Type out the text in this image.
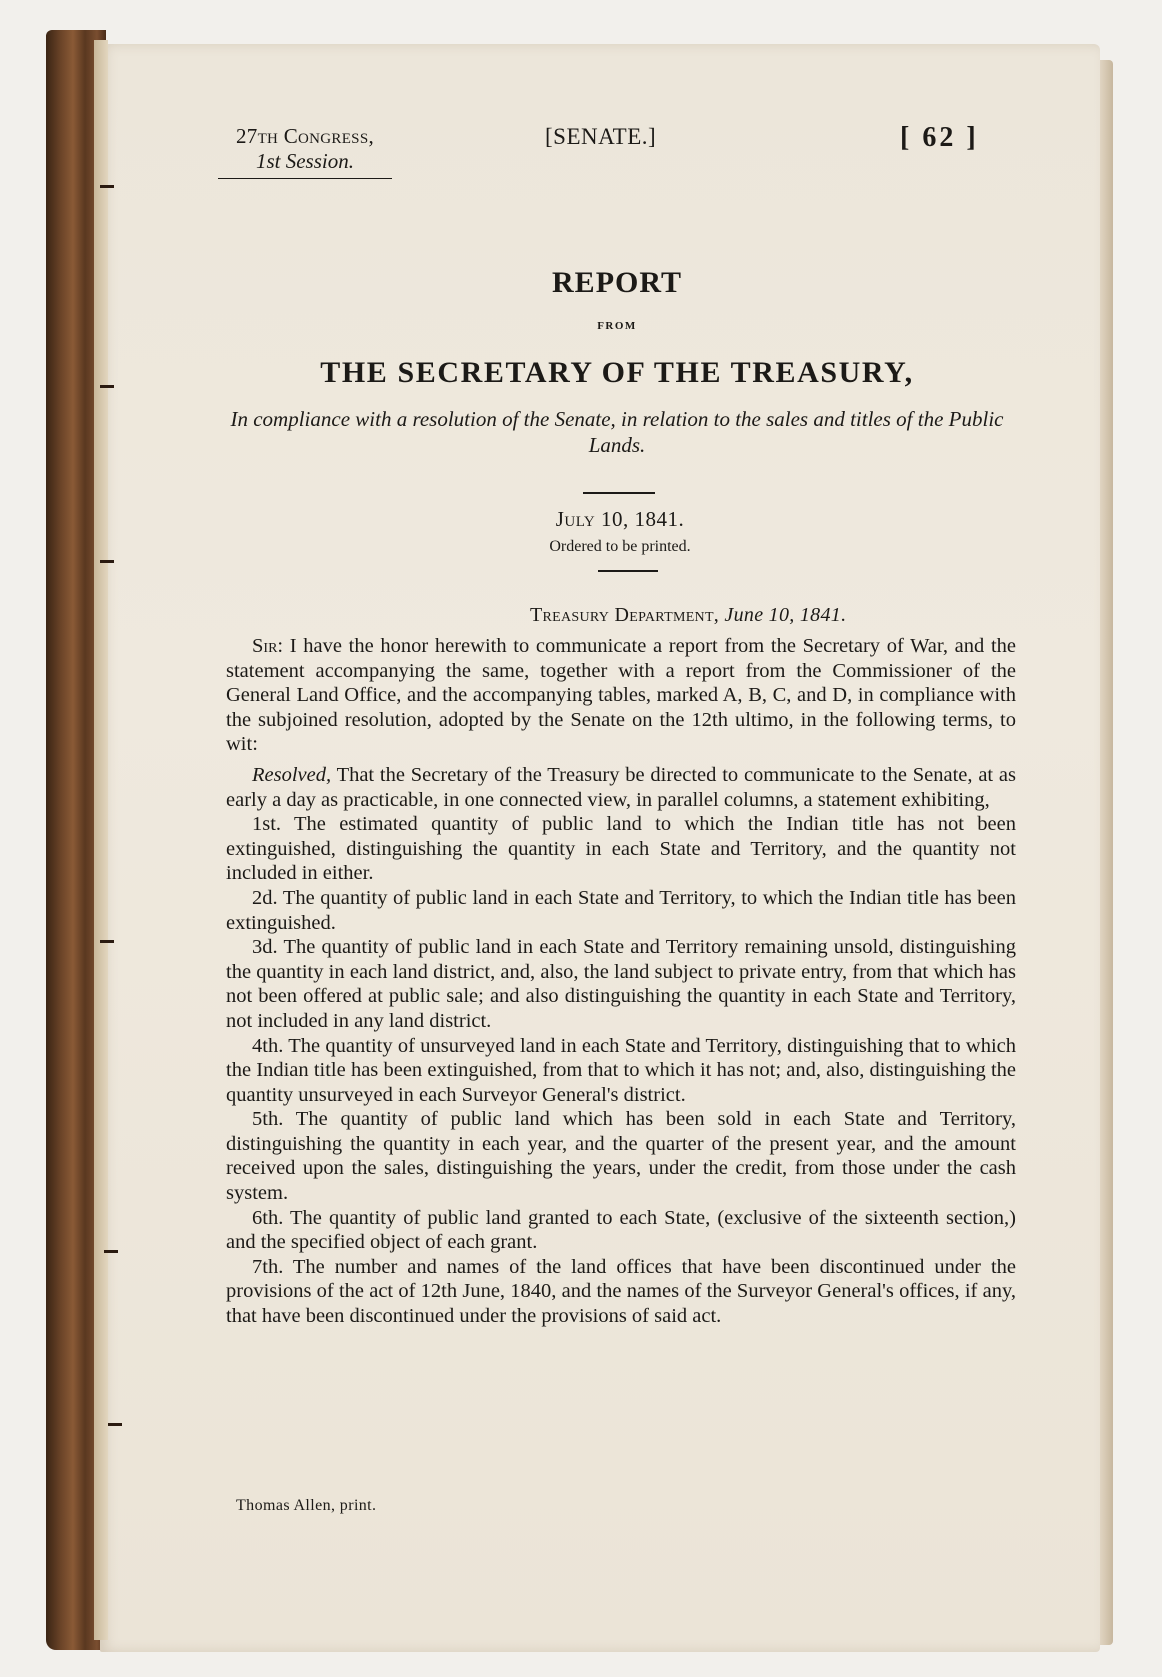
27th Congress,
1st Session.
[SENATE.]	[ 62 ]
REPORT
FROM
THE SECRETARY OF THE TREASURY,
In compliance with a resolution of the Senate, in relation to the sales and titles of the Public Lands.
July 10, 1841.
Ordered to be printed.
Treasury Department, June 10, 1841.

Sir: I have the honor herewith to communicate a report from the Secretary of War, and the statement accompanying the same, together with a report from the Commissioner of the General Land Office, and the accompanying tables, marked A, B, C, and D, in compliance with the subjoined resolution, adopted by the Senate on the 12th ultimo, in the following terms, to wit:

Resolved, That the Secretary of the Treasury be directed to communicate to the Senate, at as early a day as practicable, in one connected view, in parallel columns, a statement exhibiting,

1st. The estimated quantity of public land to which the Indian title has not been extinguished, distinguishing the quantity in each State and Territory, and the quantity not included in either.

2d. The quantity of public land in each State and Territory, to which the Indian title has been extinguished.

3d. The quantity of public land in each State and Territory remaining unsold, distinguishing the quantity in each land district, and, also, the land subject to private entry, from that which has not been offered at public sale; and also distinguishing the quantity in each State and Territory, not included in any land district.

4th. The quantity of unsurveyed land in each State and Territory, distinguishing that to which the Indian title has been extinguished, from that to which it has not; and, also, distinguishing the quantity unsurveyed in each Surveyor General's district.

5th. The quantity of public land which has been sold in each State and Territory, distinguishing the quantity in each year, and the quarter of the present year, and the amount received upon the sales, distinguishing the years, under the credit, from those under the cash system.

6th. The quantity of public land granted to each State, (exclusive of the sixteenth section,) and the specified object of each grant.

7th. The number and names of the land offices that have been discontinued under the provisions of the act of 12th June, 1840, and the names of the Surveyor General's offices, if any, that have been discontinued under the provisions of said act.

Thomas Allen, print.
